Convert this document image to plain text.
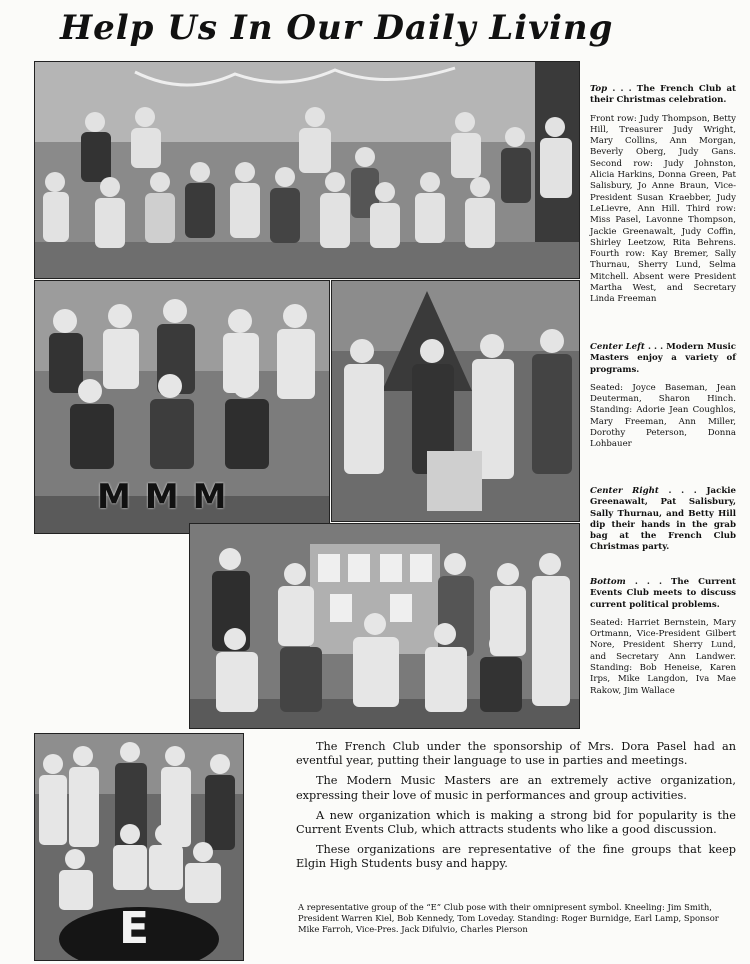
Help Us In Our Daily Living
MMM
E

Top . . . The French Club at their Christmas celebration.

Front row: Judy Thompson, Betty Hill, Treasurer Judy Wright, Mary Collins, Ann Morgan, Beverly Oberg, Judy Gans. Second row: Judy Johnston, Alicia Harkins, Donna Green, Pat Salisbury, Jo Anne Braun, Vice-President Susan Kraebber, Judy LeLievre, Ann Hill. Third row: Miss Pasel, Lavonne Thompson, Jackie Greenawalt, Judy Coffin, Shirley Leetzow, Rita Behrens. Fourth row: Kay Bremer, Sally Thurnau, Sherry Lund, Selma Mitchell. Absent were President Martha West, and Secretary Linda Freeman

Center Left . . . Modern Music Masters enjoy a variety of programs.

Seated: Joyce Baseman, Jean Deuterman, Sharon Hinch. Standing: Adorie Jean Coughlos, Mary Freeman, Ann Miller, Dorothy Peterson, Donna Lohbauer

Center Right . . . Jackie Greenawalt, Pat Salisbury, Sally Thurnau, and Betty Hill dip their hands in the grab bag at the French Club Christmas party.

Bottom . . . The Current Events Club meets to discuss current political problems.

Seated: Harriet Bernstein, Mary Ortmann, Vice-President Gilbert Nore, President Sherry Lund, and Secretary Ann Landwer. Standing: Bob Heneise, Karen Irps, Mike Langdon, Iva Mae Rakow, Jim Wallace

The French Club under the sponsorship of Mrs. Dora Pasel had an eventful year, putting their language to use in parties and meetings.

The Modern Music Masters are an extremely active organization, expressing their love of music in performances and group activities.

A new organization which is making a strong bid for popularity is the Current Events Club, which attracts students who like a good discussion.

These organizations are representative of the fine groups that keep Elgin High Students busy and happy.

A representative group of the “E” Club pose with their omnipresent symbol. Kneeling: Jim Smith, President Warren Kiel, Bob Kennedy, Tom Loveday. Standing: Roger Burnidge, Earl Lamp, Sponsor Mike Farroh, Vice-Pres. Jack Difulvio, Charles Pierson
